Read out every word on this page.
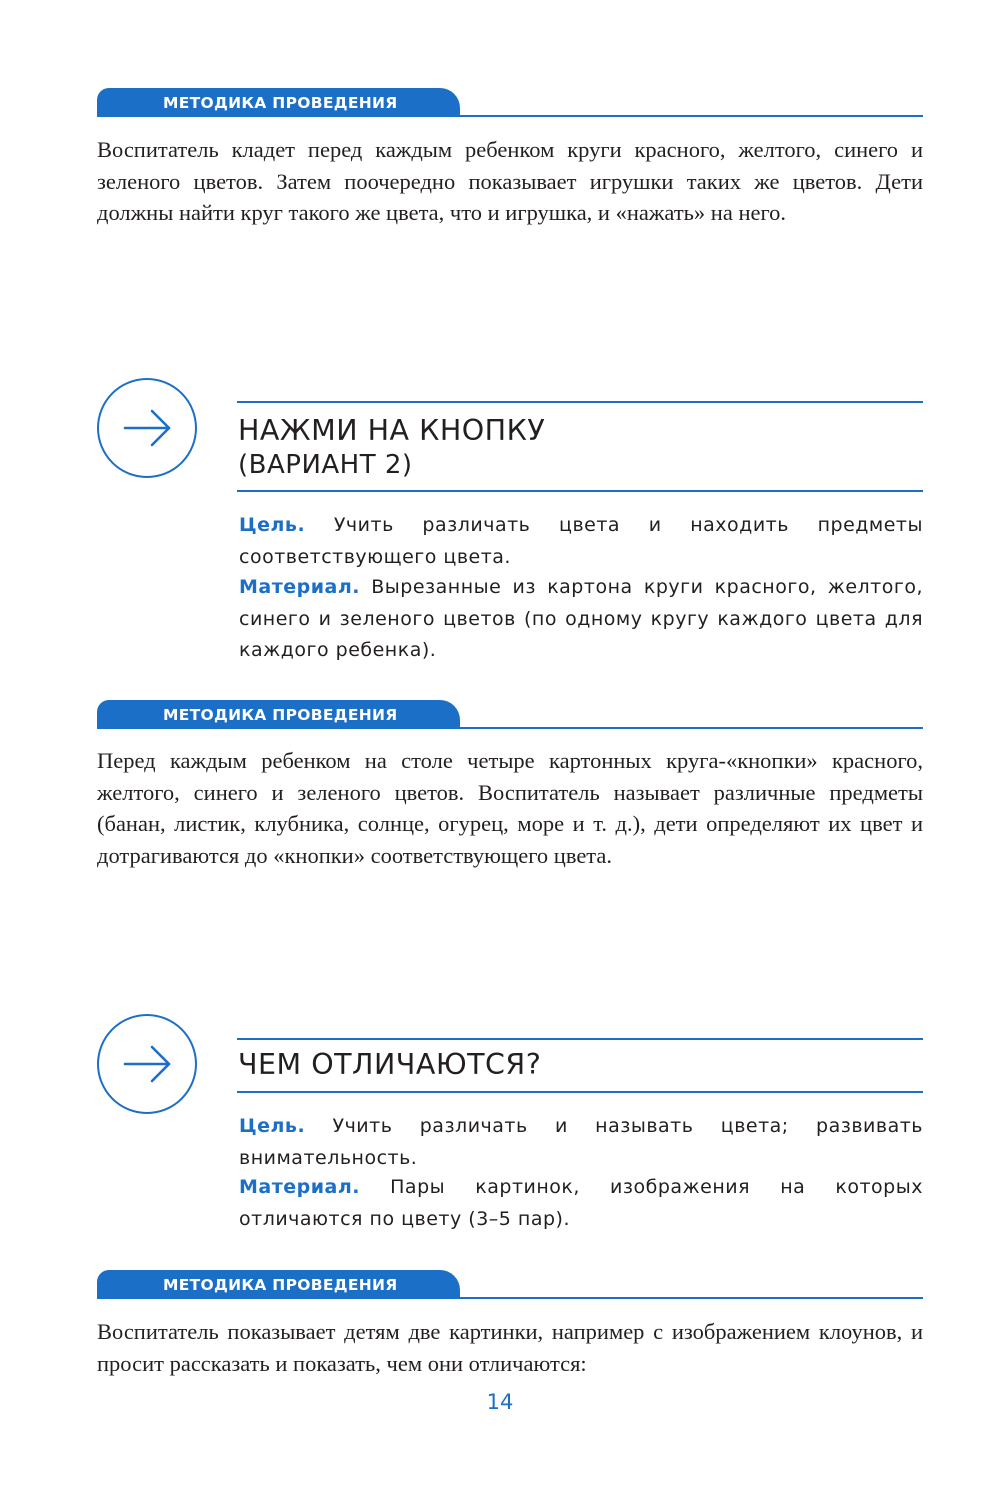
МЕТОДИКА ПРОВЕДЕНИЯ
Воспитатель кладет перед каждым ребенком круги красного, желтого, синего и зеленого цветов. Затем поочередно показывает игрушки таких же цветов. Дети должны найти круг такого же цвета, что и игрушка, и «нажать» на него.
НАЖМИ НА КНОПКУ
(ВАРИАНТ 2)
Цель. Учить различать цвета и находить предметы соответствующего цвета.
Материал. Вырезанные из картона круги красного, желтого, синего и зеленого цветов (по одному кругу каждого цвета для каждого ребенка).
МЕТОДИКА ПРОВЕДЕНИЯ
Перед каждым ребенком на столе четыре картонных круга-«кнопки» красного, желтого, синего и зеленого цветов. Воспитатель называет различные предметы (банан, листик, клубника, солнце, огурец, море и т. д.), дети определяют их цвет и дотрагиваются до «кнопки» соответствующего цвета.
ЧЕМ ОТЛИЧАЮТСЯ?
Цель. Учить различать и называть цвета; развивать внимательность.
Материал. Пары картинок, изображения на которых отличаются по цвету (3–5 пар).
МЕТОДИКА ПРОВЕДЕНИЯ
Воспитатель показывает детям две картинки, например с изображением клоунов, и просит рассказать и показать, чем они отличаются:
14
